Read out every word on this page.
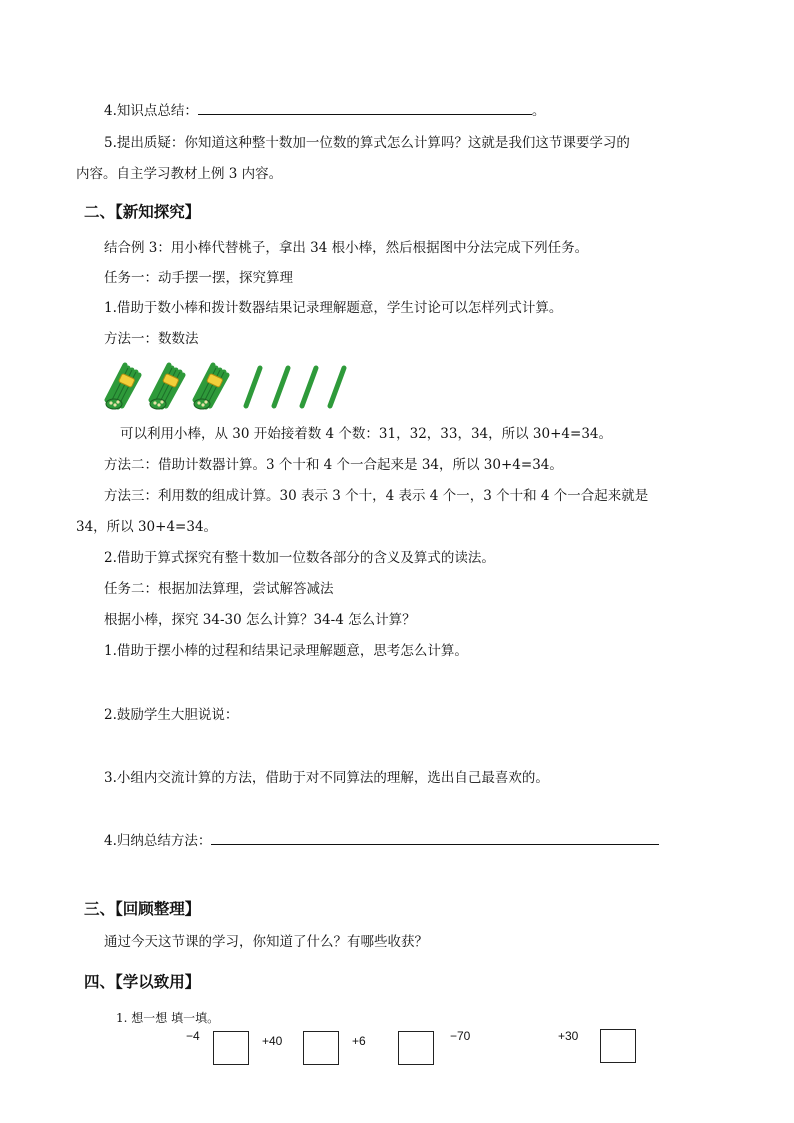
4.知识点总结：	。
5.提出质疑：你知道这种整十数加一位数的算式怎么计算吗？这就是我们这节课要学习的
内容。自主学习教材上例 3 内容。
二、【新知探究】
结合例 3：用小棒代替桃子，拿出 34 根小棒，然后根据图中分法完成下列任务。
任务一：动手摆一摆，探究算理
1.借助于数小棒和拨计数器结果记录理解题意，学生讨论可以怎样列式计算。
方法一：数数法
可以利用小棒，从 30 开始接着数 4 个数：31，32，33，34，所以 30+4=34。
方法二：借助计数器计算。3 个十和 4 个一合起来是 34，所以 30+4=34。
方法三：利用数的组成计算。30 表示 3 个十，4 表示 4 个一，3 个十和 4 个一合起来就是
34，所以 30+4=34。
2.借助于算式探究有整十数加一位数各部分的含义及算式的读法。
任务二：根据加法算理，尝试解答减法
根据小棒，探究 34-30 怎么计算？34-4 怎么计算？
1.借助于摆小棒的过程和结果记录理解题意，思考怎么计算。
2.鼓励学生大胆说说：
3.小组内交流计算的方法，借助于对不同算法的理解，选出自己最喜欢的。
4.归纳总结方法：
三、【回顾整理】
通过今天这节课的学习，你知道了什么？有哪些收获？
四、【学以致用】
1. 想一想 填一填。
−4	+40	+6	−70	+30
